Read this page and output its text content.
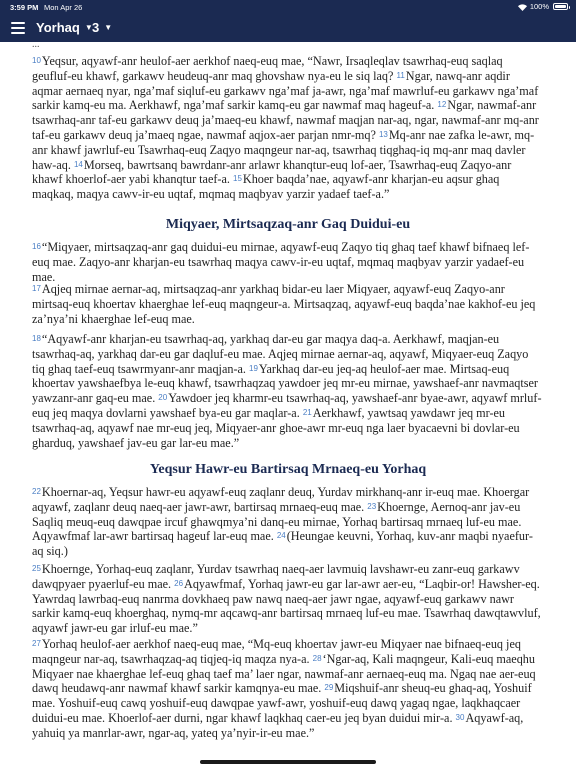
3:59 PM Mon Apr 26	100%
Yorhaq ▼ 3 ▼
...

$^{10}$Yeqsur, aqyawf-anr heulof-aer aerkhof naeq-euq mae, “Nawr, Irsaqleqlav tsawrhaq-euq saqlaq geufluf-eu khawf, garkawv heudeuq-anr maq ghovshaw nya-eu le siq laq? $^{11}$Ngar, nawq-anr aqdir aqmar aernaeq nyar, nga’maf siqluf-eu garkawv nga’maf ja-awr, nga’maf mawrluf-eu garkawv nga’maf sarkir kamq-eu ma. Aerkhawf, nga’maf sarkir kamq-eu gar nawmaf maq hageuf-a. $^{12}$Ngar, nawmaf-anr tsawrhaq-anr taf-eu garkawv deuq ja’maeq-eu khawf, nawmaf maqjan nar-aq, ngar, nawmaf-anr mq-anr taf-eu garkawv deuq ja’maeq ngae, nawmaf aqjox-aer parjan nmr-mq? $^{13}$Mq-anr nae zafka le-awr, mq-anr khawf jawrluf-eu Tsawrhaq-euq Zaqyo maqngeur nar-aq, tsawrhaq tiqghaq-iq mq-anr maq davler haw-aq. $^{14}$Morseq, bawrtsanq bawrdanr-anr arlawr khanqtur-euq lof-aer, Tsawrhaq-euq Zaqyo-anr khawf khoerlof-aer yabi khanqtur taef-a. $^{15}$Khoer baqda’nae, aqyawf-anr kharjan-eu aqsur ghaq maqkaq, maqya cawv-ir-eu uqtaf, mqmaq maqbyav yarzir yadaef taef-a.”

Miqyaer, Mirtsaqzaq-anr Gaq Duidui-eu

$^{16}$“Miqyaer, mirtsaqzaq-anr gaq duidui-eu mirnae, aqyawf-euq Zaqyo tiq ghaq taef khawf bifnaeq lef-euq mae. Zaqyo-anr kharjan-eu tsawrhaq maqya cawv-ir-eu uqtaf, mqmaq maqbyav yarzir yadaef-eu mae.

$^{17}$Aqjeq mirnae aernar-aq, mirtsaqzaq-anr yarkhaq bidar-eu laer Miqyaer, aqyawf-euq Zaqyo-anr mirtsaq-euq khoertav khaerghae lef-euq maqngeur-a. Mirtsaqzaq, aqyawf-euq baqda’nae kakhof-eu jeq za’nya’ni khaerghae lef-euq mae.

$^{18}$“Aqyawf-anr kharjan-eu tsawrhaq-aq, yarkhaq dar-eu gar maqya daq-a. Aerkhawf, maqjan-eu tsawrhaq-aq, yarkhaq dar-eu gar daqluf-eu mae. Aqjeq mirnae aernar-aq, aqyawf, Miqyaer-euq Zaqyo tiq ghaq taef-euq tsawrmyanr-anr maqjan-a. $^{19}$Yarkhaq dar-eu jeq-aq heulof-aer mae. Mirtsaq-euq khoertav yawshaefbya le-euq khawf, tsawrhaqzaq yawdoer jeq mr-eu mirnae, yawshaef-anr navmaqtser yawzanr-anr gaq-eu mae. $^{20}$Yawdoer jeq kharmr-eu tsawrhaq-aq, yawshaef-anr byae-awr, aqyawf mrluf-euq jeq maqya dovlarni yawshaef bya-eu gar maqlar-a. $^{21}$Aerkhawf, yawtsaq yawdawr jeq mr-eu tsawrhaq-aq, aqyawf nae mr-euq jeq, Miqyaer-anr ghoe-awr mr-euq nga laer byacaevni bi dovlar-eu gharduq, yawshaef jav-eu gar lar-eu mae.”

Yeqsur Hawr-eu Bartirsaq Mrnaeq-eu Yorhaq

$^{22}$Khoernar-aq, Yeqsur hawr-eu aqyawf-euq zaqlanr deuq, Yurdav mirkhanq-anr ir-euq mae. Khoergar aqyawf, zaqlanr deuq naeq-aer jawr-awr, bartirsaq mrnaeq-euq mae. $^{23}$Khoernge, Aernoq-anr jav-eu Saqliq meuq-euq dawqpae ircuf ghawqmya’ni danq-eu mirnae, Yorhaq bartirsaq mrnaeq luf-eu mae. Aqyawfmaf lar-awr bartirsaq hageuf lar-euq mae. $^{24}$(Heungae keuvni, Yorhaq, kuv-anr maqbi nyaefur-aq siq.)

$^{25}$Khoernge, Yorhaq-euq zaqlanr, Yurdav tsawrhaq naeq-aer lavmuiq lavshawr-eu zanr-euq garkawv dawqpyaer pyaerluf-eu mae. $^{26}$Aqyawfmaf, Yorhaq jawr-eu gar lar-awr aer-eu, “Laqbir-or! Hawsher-eq. Yawrdaq lawrbaq-euq nanrma dovkhaeq paw nawq naeq-aer jawr ngae, aqyawf-euq garkawv nawr sarkir kamq-euq khoerghaq, nymq-mr aqcawq-anr bartirsaq mrnaeq luf-eu mae. Tsawrhaq dawqtawvluf, aqyawf jawr-eu gar irluf-eu mae.”

$^{27}$Yorhaq heulof-aer aerkhof naeq-euq mae, “Mq-euq khoertav jawr-eu Miqyaer nae bifnaeq-euq jeq maqngeur nar-aq, tsawrhaqzaq-aq tiqjeq-iq maqza nya-a. $^{28}$‘Ngar-aq, Kali maqngeur, Kali-euq maeqhu Miqyaer nae khaerghae lef-euq ghaq taef ma’ laer ngar, nawmaf-anr aernaeq-euq ma. Ngaq nae aer-euq dawq heudawq-anr nawmaf khawf sarkir kamqnya-eu mae. $^{29}$Miqshuif-anr sheuq-eu ghaq-aq, Yoshuif mae. Yoshuif-euq cawq yoshuif-euq dawqpae yawf-awr, yoshuif-euq dawq yagaq ngae, laqkhaqcaer duidui-eu mae. Khoerlof-aer durni, ngar khawf laqkhaq caer-eu jeq byan duidui mir-a. $^{30}$Aqyawf-aq, yahuiq ya manrlar-awr, ngar-aq, yateq ya’nyir-ir-eu mae.”
